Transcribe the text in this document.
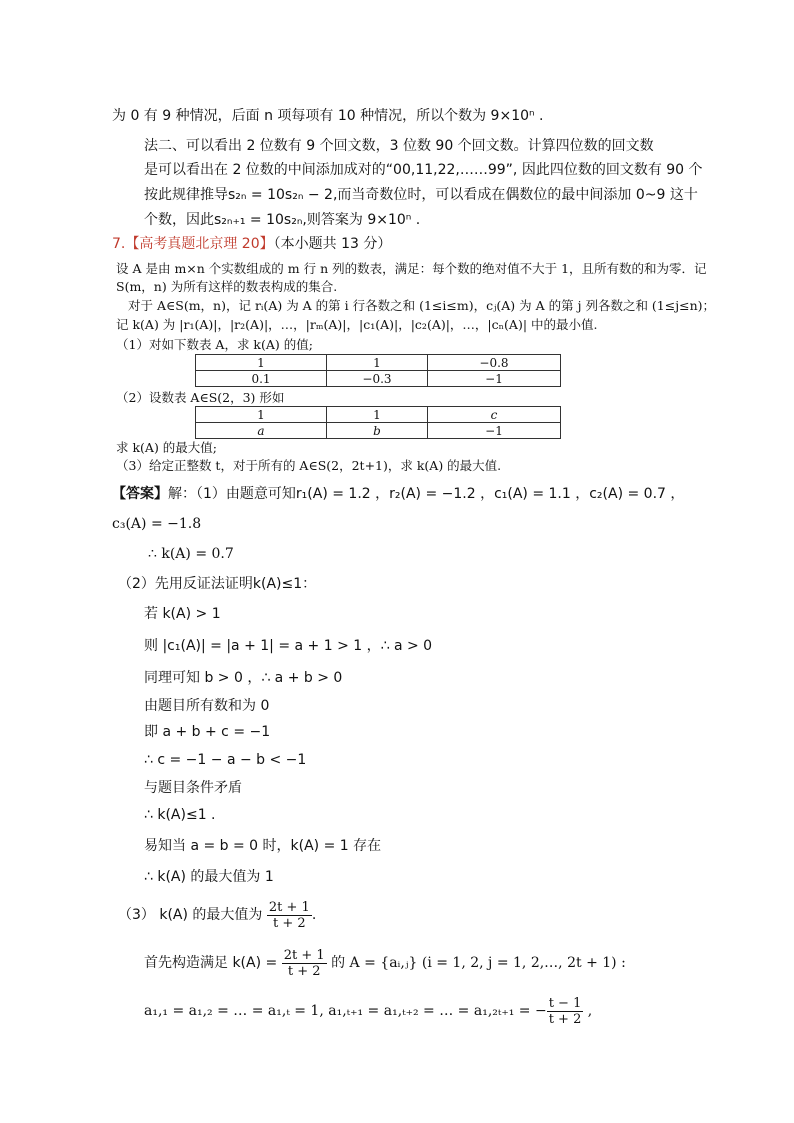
为 0 有 9 种情况，后面 n 项每项有 10 种情况，所以个数为 9×10ⁿ .
法二、可以看出 2 位数有 9 个回文数，3 位数 90 个回文数。计算四位数的回文数
是可以看出在 2 位数的中间添加成对的“00,11,22,……99”, 因此四位数的回文数有 90 个
按此规律推导s₂ₙ = 10s₂ₙ − 2,而当奇数位时，可以看成在偶数位的最中间添加 0~9 这十
个数，因此s₂ₙ₊₁ = 10s₂ₙ,则答案为 9×10ⁿ .
7.【高考真题北京理 20】（本小题共 13 分）
设 A 是由 m×n 个实数组成的 m 行 n 列的数表，满足：每个数的绝对值不大于 1，且所有数的和为零．记
S(m，n) 为所有这样的数表构成的集合.
对于 A∈S(m，n)，记 rᵢ(A) 为 A 的第 i 行各数之和 (1≤i≤m)，cⱼ(A) 为 A 的第 j 列各数之和 (1≤j≤n)；
记 k(A) 为 |r₁(A)|，|r₂(A)|，…，|rₘ(A)|，|c₁(A)|，|c₂(A)|，…，|cₙ(A)| 中的最小值.
（1）对如下数表 A，求 k(A) 的值;
1	1	−0.8
0.1	−0.3	−1
（2）设数表 A∈S(2，3) 形如
1	1	c
a	b	−1
求 k(A) 的最大值;
（3）给定正整数 t，对于所有的 A∈S(2，2t+1)，求 k(A) 的最大值.
【答案】解：（1）由题意可知r₁(A) = 1.2 ，r₂(A) = −1.2 ，c₁(A) = 1.1 ，c₂(A) = 0.7 ，
c₃(A) = −1.8
∴ k(A) = 0.7
（2）先用反证法证明k(A)≤1：
若 k(A) > 1
则 |c₁(A)| = |a + 1| = a + 1 > 1 ，∴ a > 0
同理可知 b > 0 ，∴ a + b > 0
由题目所有数和为 0
即 a + b + c = −1
∴ c = −1 − a − b < −1
与题目条件矛盾
∴ k(A)≤1 .
易知当 a = b = 0 时，k(A) = 1 存在
∴ k(A) 的最大值为 1
（3） k(A) 的最大值为 $\frac{2t + 1}{t + 2}$ .
首先构造满足 $k(A) = \frac{2t + 1}{t + 2}$ 的 A = {aᵢ,ⱼ} (i = 1, 2, j = 1, 2,…, 2t + 1) :
a₁,₁ = a₁,₂ = … = a₁,ₜ = 1, a₁,ₜ₊₁ = a₁,ₜ₊₂ = … = a₁,₂ₜ₊₁ = − $\frac{t - 1}{t + 2}$ ,
